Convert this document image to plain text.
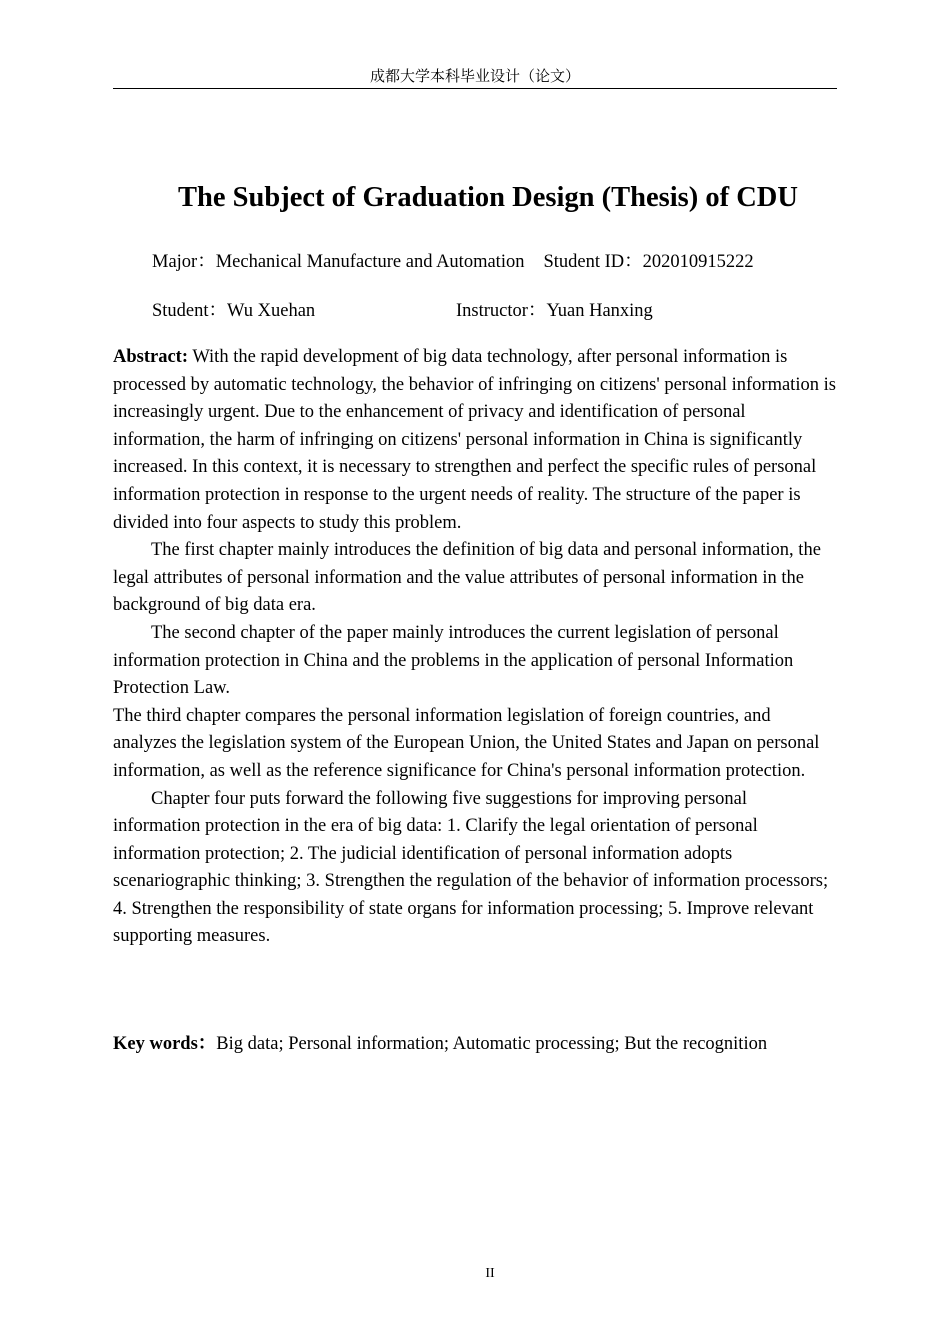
成都大学本科毕业设计（论文）
The Subject of Graduation Design (Thesis) of CDU
Major：Mechanical Manufacture and Automation Student ID：202010915222
Student：Wu Xuehan	Instructor：Yuan Hanxing

Abstract: With the rapid development of big data technology, after personal information is processed by automatic technology, the behavior of infringing on citizens' personal information is increasingly urgent. Due to the enhancement of privacy and identification of personal information, the harm of infringing on citizens' personal information in China is significantly increased. In this context, it is necessary to strengthen and perfect the specific rules of personal information protection in response to the urgent needs of reality. The structure of the paper is divided into four aspects to study this problem.

The first chapter mainly introduces the definition of big data and personal information, the legal attributes of personal information and the value attributes of personal information in the background of big data era.

The second chapter of the paper mainly introduces the current legislation of personal information protection in China and the problems in the application of personal Information Protection Law.

The third chapter compares the personal information legislation of foreign countries, and analyzes the legislation system of the European Union, the United States and Japan on personal information, as well as the reference significance for China's personal information protection.

Chapter four puts forward the following five suggestions for improving personal information protection in the era of big data: 1. Clarify the legal orientation of personal information protection; 2. The judicial identification of personal information adopts scenariographic thinking; 3. Strengthen the regulation of the behavior of information processors; 4. Strengthen the responsibility of state organs for information processing; 5. Improve relevant supporting measures.

Key words：Big data; Personal information; Automatic processing; But the recognition
II
